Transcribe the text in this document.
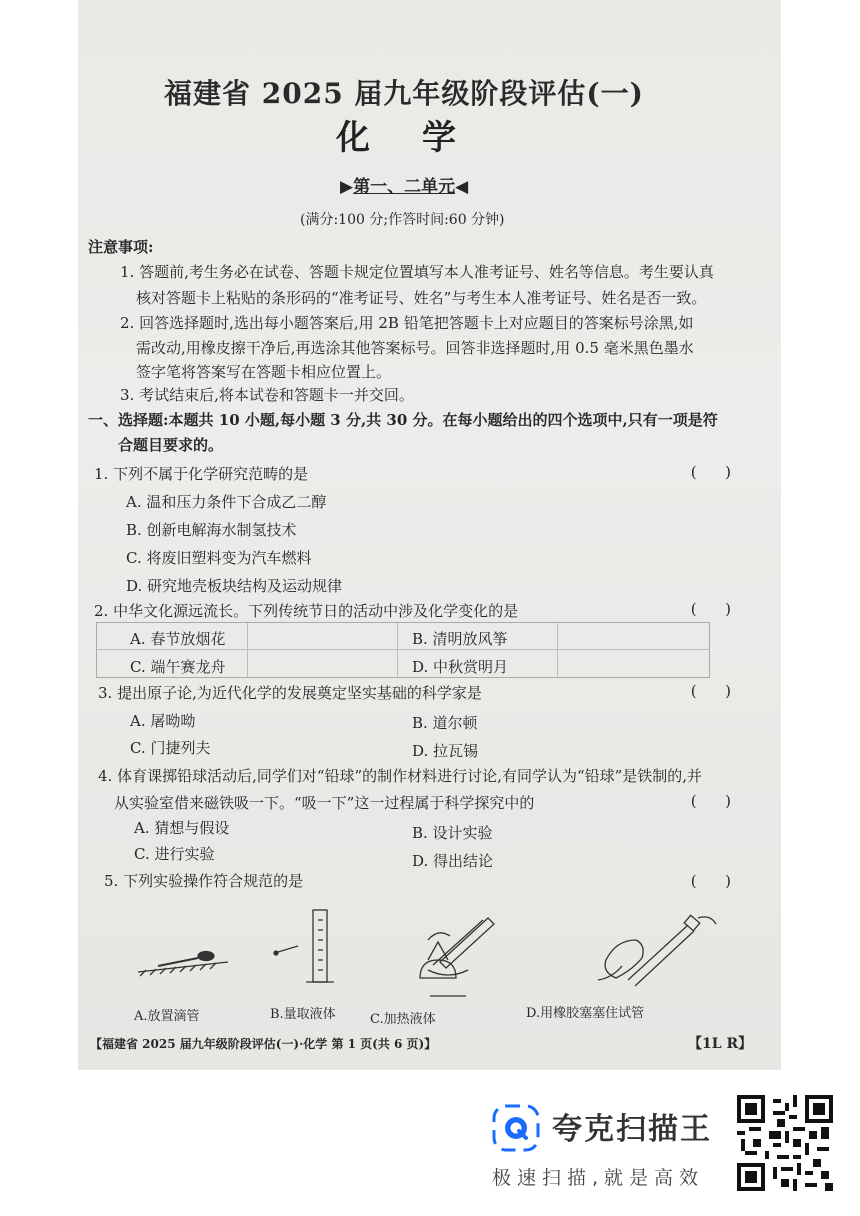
福建省 2025 届九年级阶段评估(一)
化学
▶第一、二单元◀
(满分:100 分;作答时间:60 分钟)
注意事项:
1. 答题前,考生务必在试卷、答题卡规定位置填写本人准考证号、姓名等信息。考生要认真
核对答题卡上粘贴的条形码的“准考证号、姓名”与考生本人准考证号、姓名是否一致。
2. 回答选择题时,选出每小题答案后,用 2B 铅笔把答题卡上对应题目的答案标号涂黑,如
需改动,用橡皮擦干净后,再选涂其他答案标号。回答非选择题时,用 0.5 毫米黑色墨水
签字笔将答案写在答题卡相应位置上。
3. 考试结束后,将本试卷和答题卡一并交回。
一、选择题:本题共 10 小题,每小题 3 分,共 30 分。在每小题给出的四个选项中,只有一项是符
合题目要求的。
1. 下列不属于化学研究范畴的是	(      )
A. 温和压力条件下合成乙二醇
B. 创新电解海水制氢技术
C. 将废旧塑料变为汽车燃料
D. 研究地壳板块结构及运动规律
2. 中华文化源远流长。下列传统节日的活动中涉及化学变化的是	(      )
A. 春节放烟花	B. 清明放风筝
C. 端午赛龙舟	D. 中秋赏明月
3. 提出原子论,为近代化学的发展奠定坚实基础的科学家是	(      )
A. 屠呦呦	B. 道尔顿
C. 门捷列夫	D. 拉瓦锡
4. 体育课掷铅球活动后,同学们对“铅球”的制作材料进行讨论,有同学认为“铅球”是铁制的,并
从实验室借来磁铁吸一下。“吸一下”这一过程属于科学探究中的	(      )
A. 猜想与假设	B. 设计实验
C. 进行实验	D. 得出结论
5. 下列实验操作符合规范的是	(      )
A.放置滴管	B.量取液体	C.加热液体	D.用橡胶塞塞住试管
【福建省 2025 届九年级阶段评估(一)·化学 第 1 页(共 6 页)】	【1L R】
夸克扫描王
极速扫描,就是高效
